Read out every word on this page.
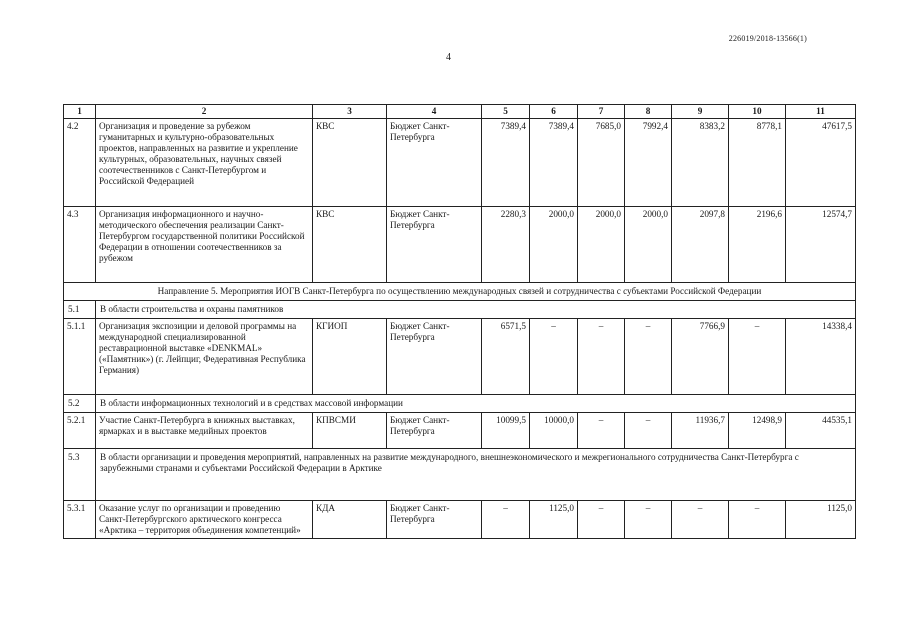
226019/2018-13566(1)
4
1	2	3	4	5	6	7	8	9	10	11
4.2	Организация и проведение за рубежом гуманитарных и культурно-образовательных проектов, направленных на развитие и укрепление культурных, образовательных, научных связей соотечественников с Санкт-Петербургом и Российской Федерацией	КВС	Бюджет Санкт-Петербурга	7389,4	7389,4	7685,0	7992,4	8383,2	8778,1	47617,5
4.3	Организация информационного и научно-методического обеспечения реализации Санкт-Петербургом государственной политики Российской Федерации в отношении соотечественников за рубежом	КВС	Бюджет Санкт-Петербурга	2280,3	2000,0	2000,0	2000,0	2097,8	2196,6	12574,7
Направление 5. Мероприятия ИОГВ Санкт-Петербурга по осуществлению международных связей и сотрудничества с субъектами Российской Федерации										
5.1	В области строительства и охраны памятников									
5.1.1	Организация экспозиции и деловой программы на международной специализированной реставрационной выставке «DENKMAL» («Памятник») (г. Лейпциг, Федеративная Республика Германия)	КГИОП	Бюджет Санкт-Петербурга	6571,5	–	–	–	7766,9	–	14338,4
5.2	В области информационных технологий и в средствах массовой информации									
5.2.1	Участие Санкт-Петербурга в книжных выставках, ярмарках и в выставке медийных проектов	КПВСМИ	Бюджет Санкт-Петербурга	10099,5	10000,0	–	–	11936,7	12498,9	44535,1
5.3	В области организации и проведения мероприятий, направленных на развитие международного, внешнеэкономического и межрегионального сотрудничества Санкт-Петербурга с зарубежными странами и субъектами Российской Федерации в Арктике									
5.3.1	Оказание услуг по организации и проведению Санкт-Петербургского арктического конгресса «Арктика – территория объединения компетенций»	КДА	Бюджет Санкт-Петербурга	–	1125,0	–	–	–	–	1125,0
